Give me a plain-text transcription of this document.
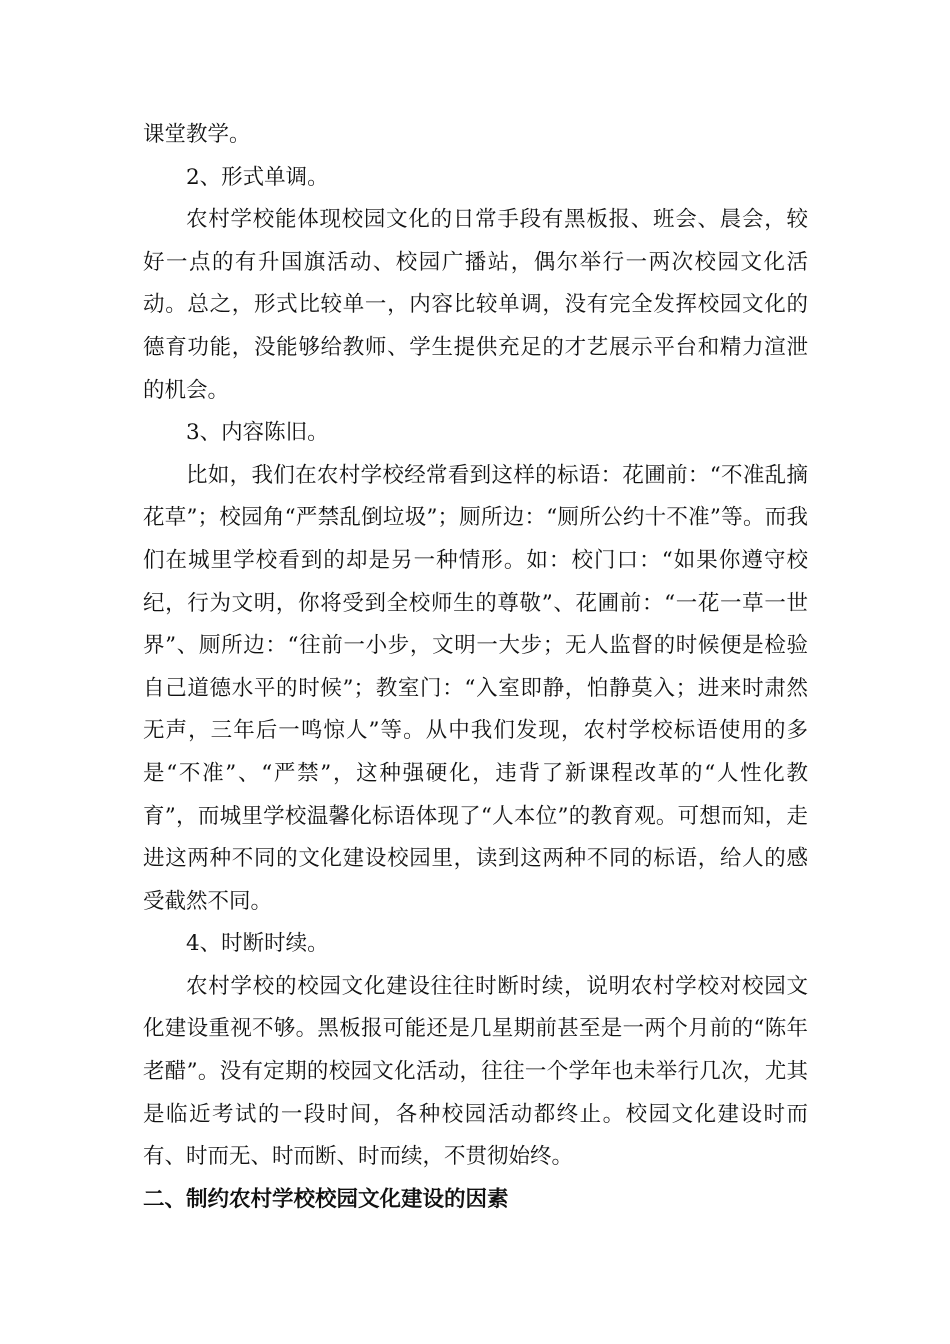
课堂教学。

2、形式单调。

农村学校能体现校园文化的日常手段有黑板报、班会、晨会，较好一点的有升国旗活动、校园广播站，偶尔举行一两次校园文化活动。总之，形式比较单一，内容比较单调，没有完全发挥校园文化的德育功能，没能够给教师、学生提供充足的才艺展示平台和精力渲泄的机会。

3、内容陈旧。

比如，我们在农村学校经常看到这样的标语：花圃前：“不准乱摘花草”；校园角“严禁乱倒垃圾”；厕所边：“厕所公约十不准”等。而我们在城里学校看到的却是另一种情形。如：校门口：“如果你遵守校纪，行为文明，你将受到全校师生的尊敬”、花圃前：“一花一草一世界”、厕所边：“往前一小步，文明一大步；无人监督的时候便是检验自己道德水平的时候”；教室门：“入室即静，怕静莫入；进来时肃然无声，三年后一鸣惊人”等。从中我们发现，农村学校标语使用的多是“不准”、“严禁”，这种强硬化，违背了新课程改革的“人性化教育”，而城里学校温馨化标语体现了“人本位”的教育观。可想而知，走进这两种不同的文化建设校园里，读到这两种不同的标语，给人的感受截然不同。

4、时断时续。

农村学校的校园文化建设往往时断时续，说明农村学校对校园文化建设重视不够。黑板报可能还是几星期前甚至是一两个月前的“陈年老醋”。没有定期的校园文化活动，往往一个学年也未举行几次，尤其是临近考试的一段时间，各种校园活动都终止。校园文化建设时而有、时而无、时而断、时而续，不贯彻始终。

二、制约农村学校校园文化建设的因素
